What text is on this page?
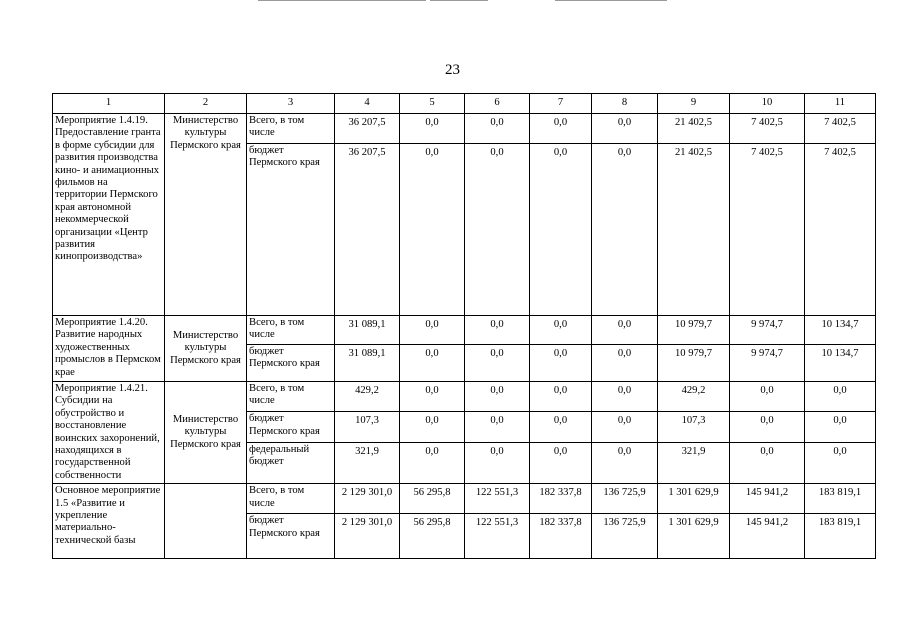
23
1	2	3	4	5	6	7	8	9	10	11
Мероприятие 1.4.19. Предоставление гранта в форме субсидии для развития производства кино- и анимационных фильмов на территории Пермского края автономной некоммерческой организации «Центр развития кинопроизводства»	Министерство культуры Пермского края	Всего, в том числе	36 207,5	0,0	0,0	0,0	0,0	21 402,5	7 402,5	7 402,5
		бюджет Пермского края	36 207,5	0,0	0,0	0,0	0,0	21 402,5	7 402,5	7 402,5
Мероприятие 1.4.20. Развитие народных художественных промыслов в Пермском крае	Министерство культуры Пермского края	Всего, в том числе	31 089,1	0,0	0,0	0,0	0,0	10 979,7	9 974,7	10 134,7
		бюджет Пермского края	31 089,1	0,0	0,0	0,0	0,0	10 979,7	9 974,7	10 134,7
Мероприятие 1.4.21. Субсидии на обустройство и восстановление воинских захоронений, находящихся в государственной собственности	Министерство культуры Пермского края	Всего, в том числе	429,2	0,0	0,0	0,0	0,0	429,2	0,0	0,0
		бюджет Пермского края	107,3	0,0	0,0	0,0	0,0	107,3	0,0	0,0
		федеральный бюджет	321,9	0,0	0,0	0,0	0,0	321,9	0,0	0,0
Основное мероприятие 1.5 «Развитие и укрепление материально-технической базы		Всего, в том числе	2 129 301,0	56 295,8	122 551,3	182 337,8	136 725,9	1 301 629,9	145 941,2	183 819,1
		бюджет Пермского края	2 129 301,0	56 295,8	122 551,3	182 337,8	136 725,9	1 301 629,9	145 941,2	183 819,1
